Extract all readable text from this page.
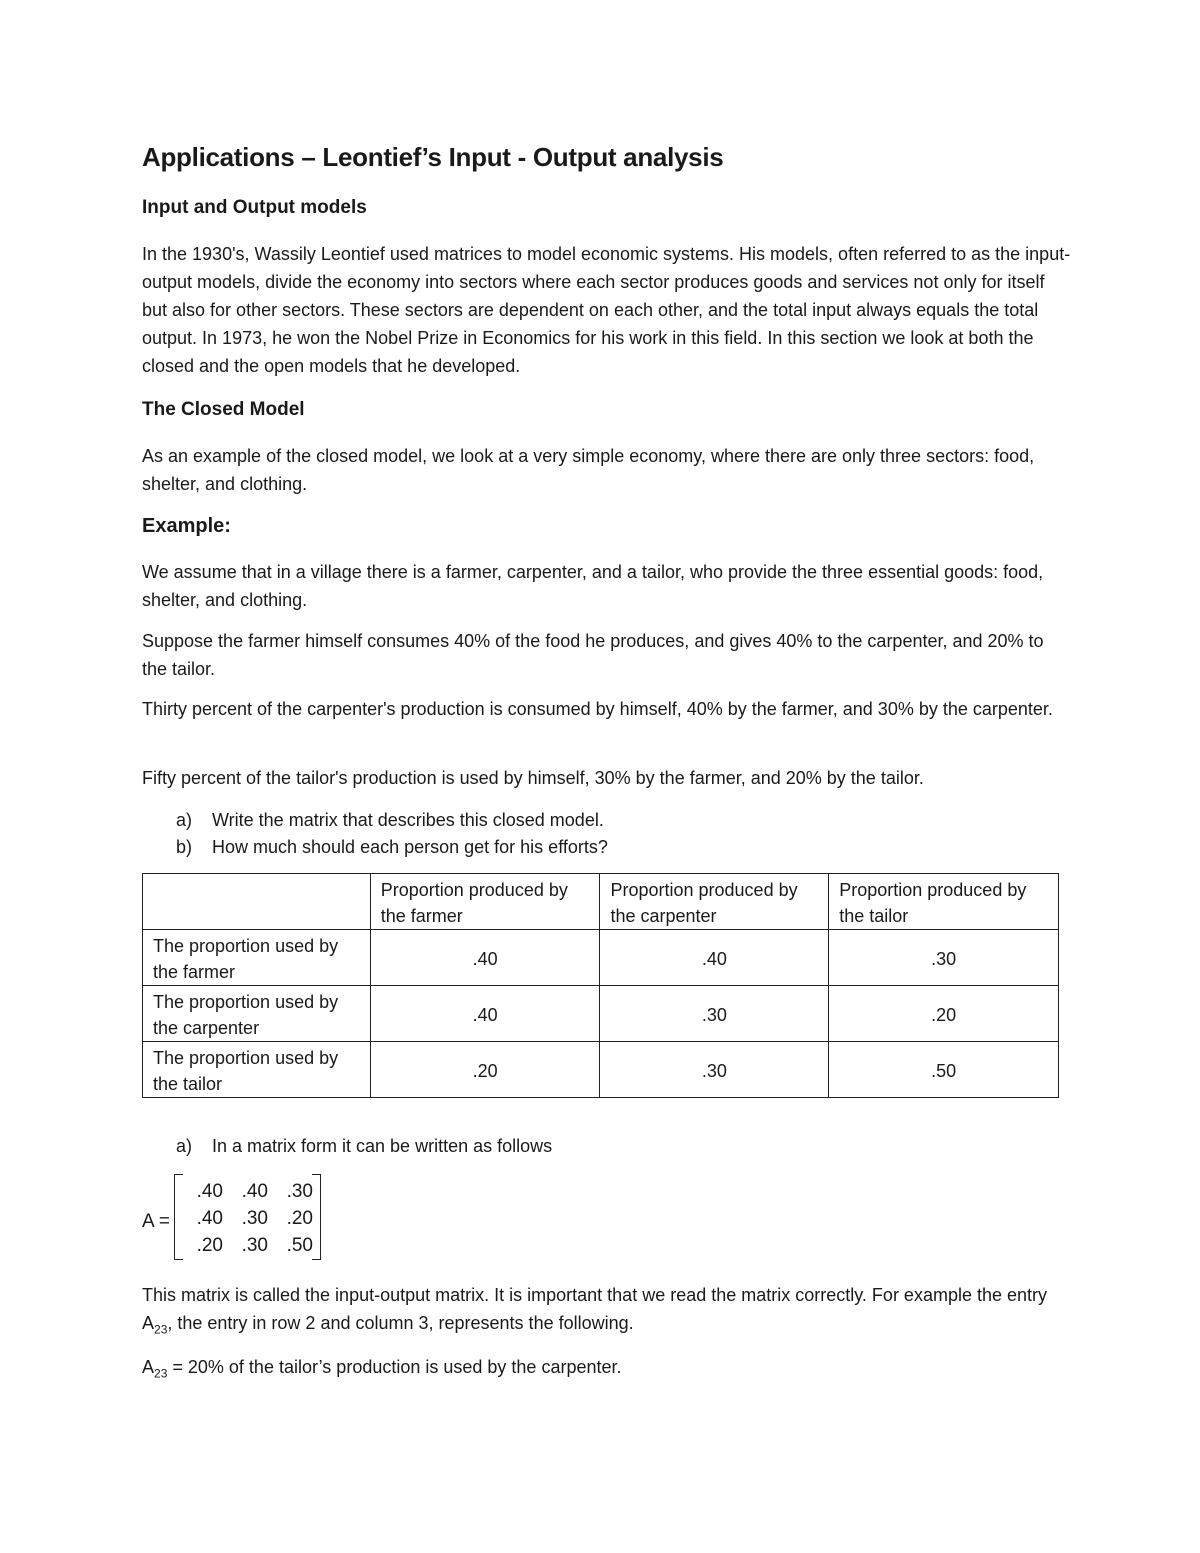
Applications – Leontief’s Input - Output analysis
Input and Output models

In the 1930's, Wassily Leontief used matrices to model economic systems. His models, often referred to as the input-output models, divide the economy into sectors where each sector produces goods and services not only for itself but also for other sectors. These sectors are dependent on each other, and the total input always equals the total output. In 1973, he won the Nobel Prize in Economics for his work in this field. In this section we look at both the closed and the open models that he developed.

The Closed Model

As an example of the closed model, we look at a very simple economy, where there are only three sectors: food, shelter, and clothing.

Example:

We assume that in a village there is a farmer, carpenter, and a tailor, who provide the three essential goods: food, shelter, and clothing.

Suppose the farmer himself consumes 40% of the food he produces, and gives 40% to the carpenter, and 20% to the tailor.

Thirty percent of the carpenter's production is consumed by himself, 40% by the farmer, and 30% by the carpenter.

Fifty percent of the tailor's production is used by himself, 30% by the farmer, and 20% by the tailor.

a)	Write the matrix that describes this closed model.
b)	How much should each person get for his efforts?
	Proportion produced by the farmer	Proportion produced by the carpenter	Proportion produced by the tailor
The proportion used by the farmer	.40	.40	.30
The proportion used by the carpenter	.40	.30	.20
The proportion used by the tailor	.20	.30	.50
a)	In a matrix form it can be written as follows
A =
.40 .40 .30
.40 .30 .20
.20 .30 .50

This matrix is called the input-output matrix. It is important that we read the matrix correctly. For example the entry $A_{23}$, the entry in row 2 and column 3, represents the following.

$A_{23} = 20\%$ of the tailor’s production is used by the carpenter.
